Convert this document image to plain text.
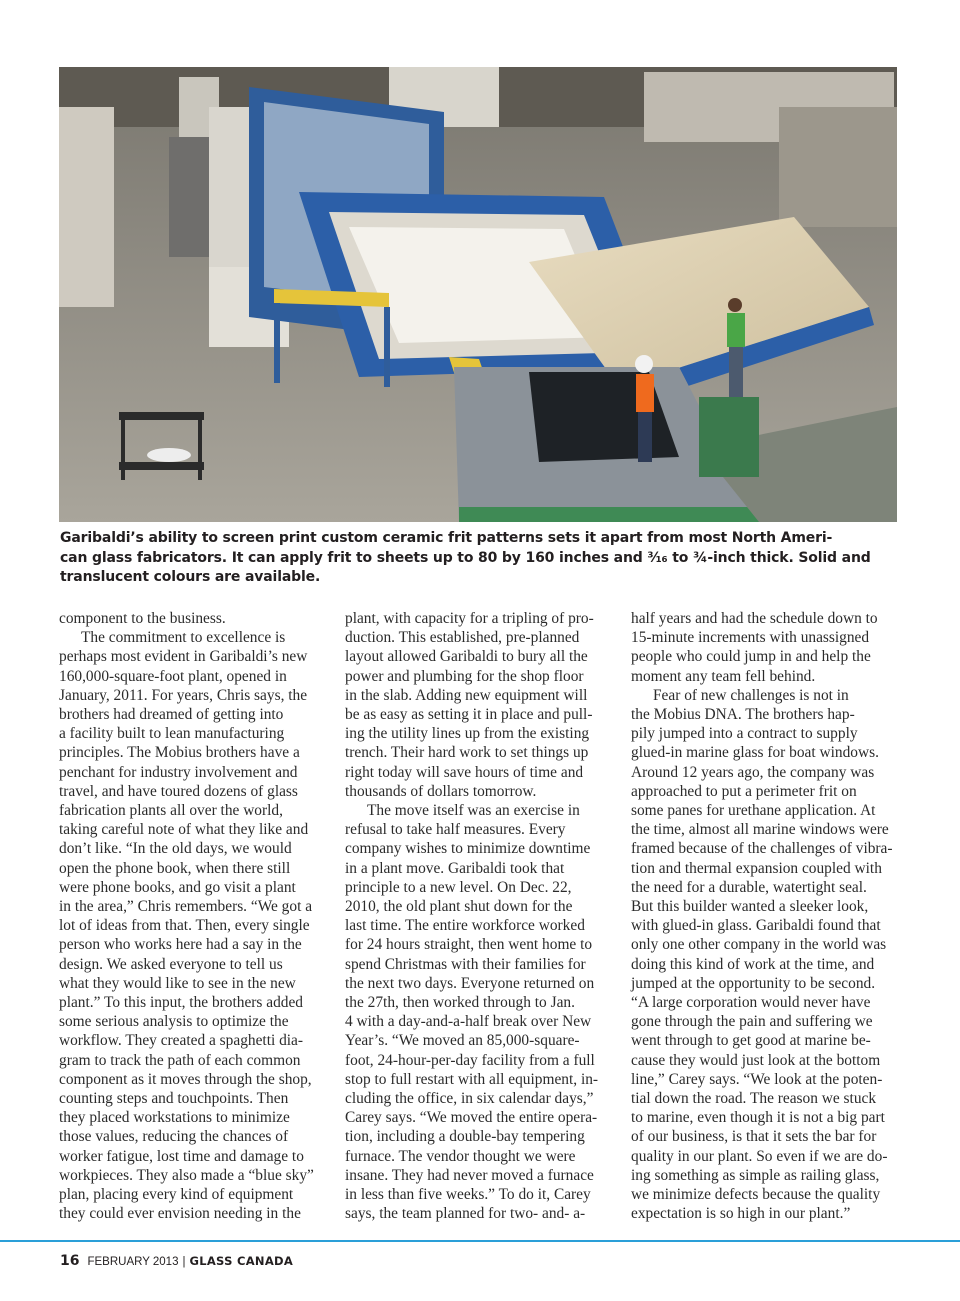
Garibaldi’s ability to screen print custom ceramic frit patterns sets it apart from most North Ameri-

can glass fabricators. It can apply frit to sheets up to 80 by 160 inches and ³⁄₁₆ to ¾-inch thick. Solid and

translucent colours are available.

component to the business.

The commitment to excellence is

perhaps most evident in Garibaldi’s new

160,000-square-foot plant, opened in

January, 2011. For years, Chris says, the

brothers had dreamed of getting into

a facility built to lean manufacturing

principles. The Mobius brothers have a

penchant for industry involvement and

travel, and have toured dozens of glass

fabrication plants all over the world,

taking careful note of what they like and

don’t like. “In the old days, we would

open the phone book, when there still

were phone books, and go visit a plant

in the area,” Chris remembers. “We got a

lot of ideas from that. Then, every single

person who works here had a say in the

design. We asked everyone to tell us

what they would like to see in the new

plant.” To this input, the brothers added

some serious analysis to optimize the

workflow. They created a spaghetti dia-

gram to track the path of each common

component as it moves through the shop,

counting steps and touchpoints. Then

they placed workstations to minimize

those values, reducing the chances of

worker fatigue, lost time and damage to

workpieces. They also made a “blue sky”

plan, placing every kind of equipment

they could ever envision needing in the

plant, with capacity for a tripling of pro-

duction. This established, pre-planned

layout allowed Garibaldi to bury all the

power and plumbing for the shop floor

in the slab. Adding new equipment will

be as easy as setting it in place and pull-

ing the utility lines up from the existing

trench. Their hard work to set things up

right today will save hours of time and

thousands of dollars tomorrow.

The move itself was an exercise in

refusal to take half measures. Every

company wishes to minimize downtime

in a plant move. Garibaldi took that

principle to a new level. On Dec. 22,

2010, the old plant shut down for the

last time. The entire workforce worked

for 24 hours straight, then went home to

spend Christmas with their families for

the next two days. Everyone returned on

the 27th, then worked through to Jan.

4 with a day-and-a-half break over New

Year’s. “We moved an 85,000-square-

foot, 24-hour-per-day facility from a full

stop to full restart with all equipment, in-

cluding the office, in six calendar days,”

Carey says. “We moved the entire opera-

tion, including a double-bay tempering

furnace. The vendor thought we were

insane. They had never moved a furnace

in less than five weeks.” To do it, Carey

says, the team planned for two- and- a-

half years and had the schedule down to

15-minute increments with unassigned

people who could jump in and help the

moment any team fell behind.

Fear of new challenges is not in

the Mobius DNA. The brothers hap-

pily jumped into a contract to supply

glued-in marine glass for boat windows.

Around 12 years ago, the company was

approached to put a perimeter frit on

some panes for urethane application. At

the time, almost all marine windows were

framed because of the challenges of vibra-

tion and thermal expansion coupled with

the need for a durable, watertight seal.

But this builder wanted a sleeker look,

with glued-in glass. Garibaldi found that

only one other company in the world was

doing this kind of work at the time, and

jumped at the opportunity to be second.

“A large corporation would never have

gone through the pain and suffering we

went through to get good at marine be-

cause they would just look at the bottom

line,” Carey says. “We look at the poten-

tial down the road. The reason we stuck

to marine, even though it is not a big part

of our business, is that it sets the bar for

quality in our plant. So even if we are do-

ing something as simple as railing glass,

we minimize defects because the quality

expectation is so high in our plant.”

16 FEBRUARY 2013 | GLASS CANADA
